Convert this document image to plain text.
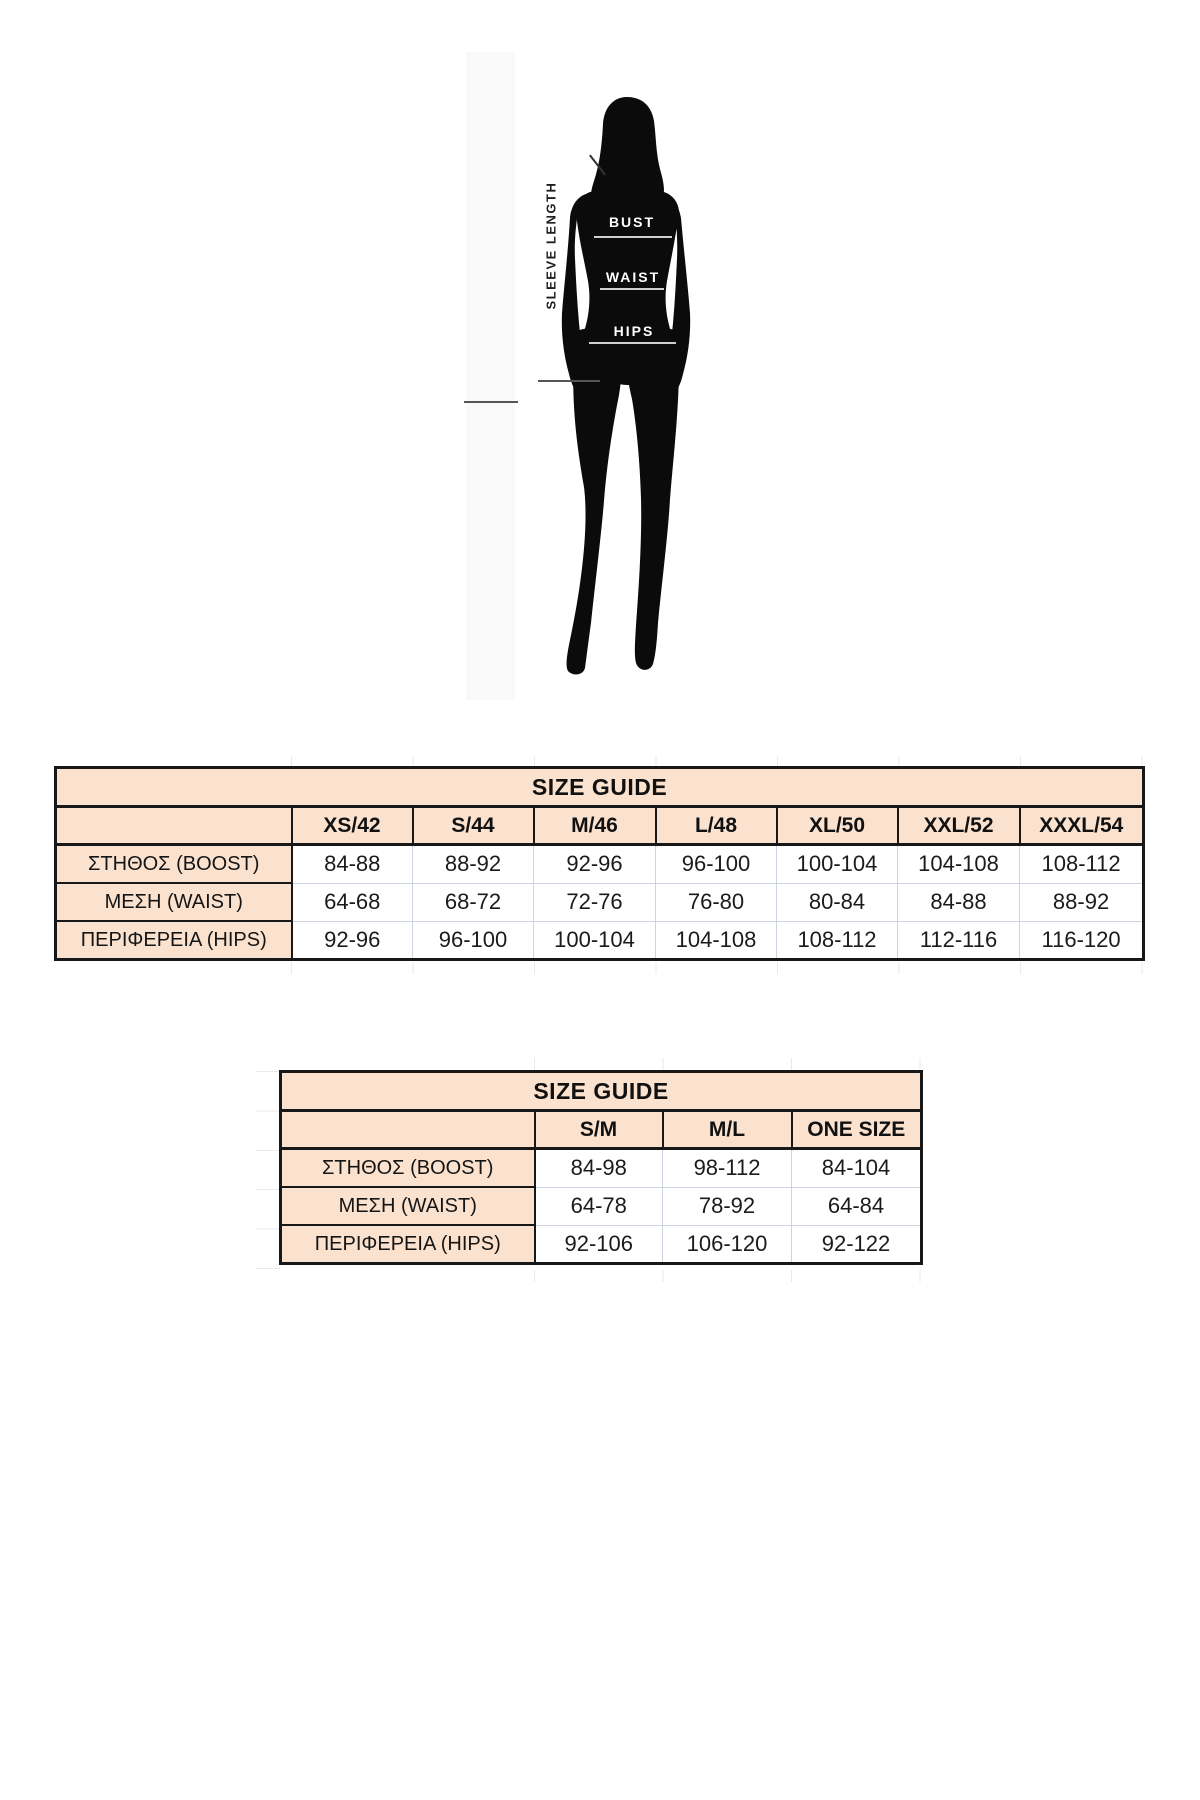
SLEEVE LENGTH	BUST
WAIST
HIPS
SIZE GUIDE							
	XS/42	S/44	M/46	L/48	XL/50	XXL/52	XXXL/54
ΣΤΗΘΟΣ (BOOST)	84-88	88-92	92-96	96-100	100-104	104-108	108-112
ΜΕΣΗ (WAIST)	64-68	68-72	72-76	76-80	80-84	84-88	88-92
ΠΕΡΙΦΕΡΕΙΑ (HIPS)	92-96	96-100	100-104	104-108	108-112	112-116	116-120
SIZE GUIDE			
	S/M	M/L	ONE SIZE
ΣΤΗΘΟΣ (BOOST)	84-98	98-112	84-104
ΜΕΣΗ (WAIST)	64-78	78-92	64-84
ΠΕΡΙΦΕΡΕΙΑ (HIPS)	92-106	106-120	92-122
